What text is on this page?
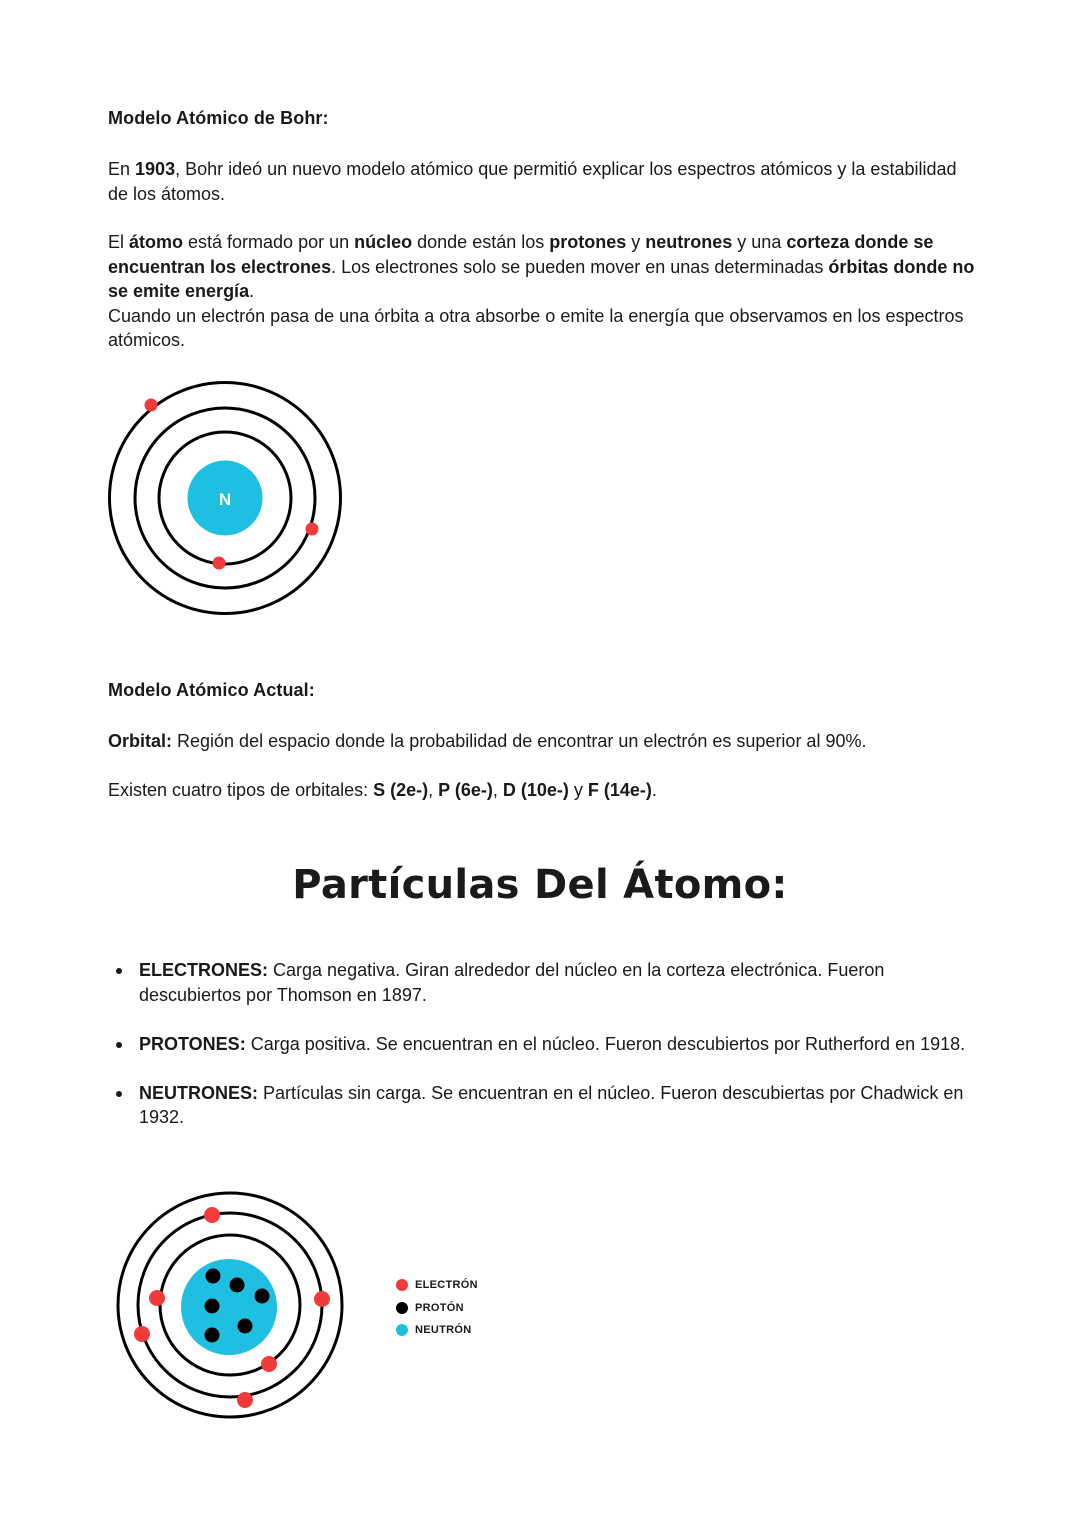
Modelo Atómico de Bohr:
En 1903, Bohr ideó un nuevo modelo atómico que permitió explicar los espectros atómicos y la estabilidad de los átomos.
El átomo está formado por un núcleo donde están los protones y neutrones y una corteza donde se encuentran los electrones. Los electrones solo se pueden mover en unas determinadas órbitas donde no se emite energía.
Cuando un electrón pasa de una órbita a otra absorbe o emite la energía que observamos en los espectros atómicos.
N
Modelo Atómico Actual:
Orbital: Región del espacio donde la probabilidad de encontrar un electrón es superior al 90%.
Existen cuatro tipos de orbitales: S (2e-), P (6e-), D (10e-) y F (14e-).
Partículas Del Átomo:
ELECTRONES: Carga negativa. Giran alrededor del núcleo en la corteza electrónica. Fueron descubiertos por Thomson en 1897.
PROTONES: Carga positiva. Se encuentran en el núcleo. Fueron descubiertos por Rutherford en 1918.
NEUTRONES: Partículas sin carga. Se encuentran en el núcleo. Fueron descubiertas por Chadwick en 1932.
ELECTRÓN
PROTÓN
NEUTRÓN
